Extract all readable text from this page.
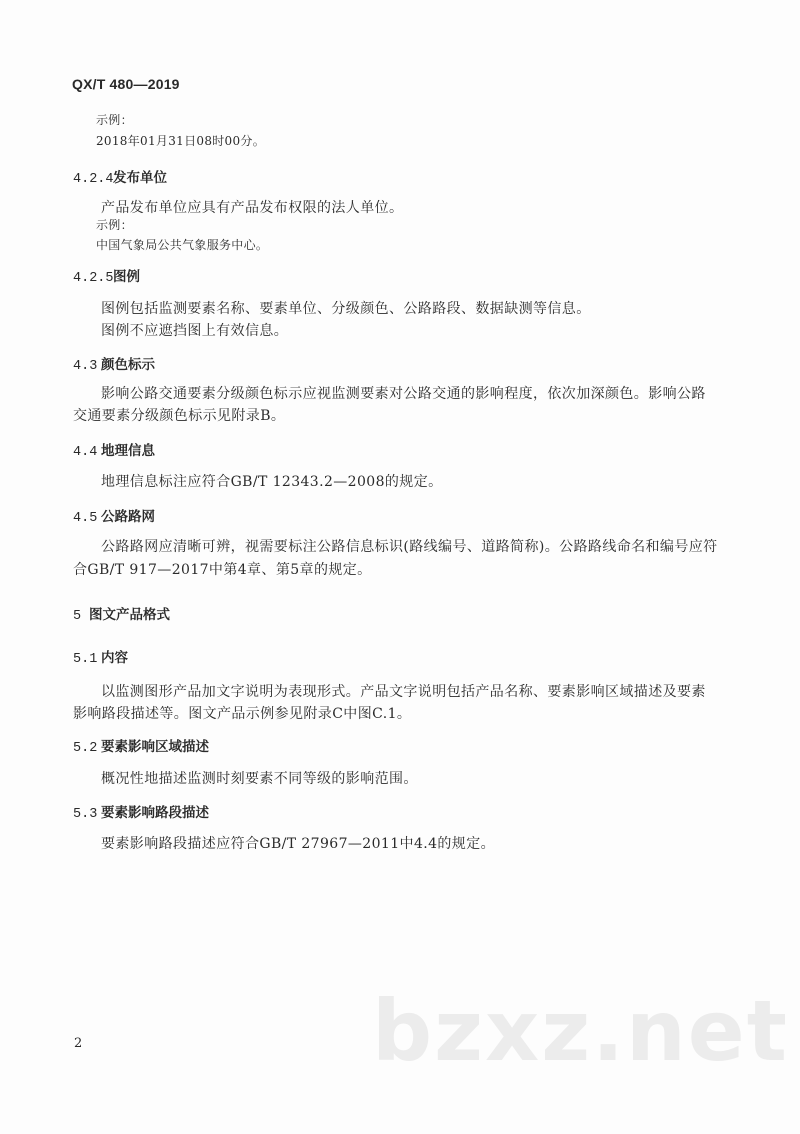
QX/T 480—2019
示例：
2018年01月31日08时00分。
4.2.4发布单位
产品发布单位应具有产品发布权限的法人单位。
示例：
中国气象局公共气象服务中心。
4.2.5图例
图例包括监测要素名称、要素单位、分级颜色、公路路段、数据缺测等信息。
图例不应遮挡图上有效信息。
4.3 颜色标示
影响公路交通要素分级颜色标示应视监测要素对公路交通的影响程度，依次加深颜色。影响公路
交通要素分级颜色标示见附录B。
4.4 地理信息
地理信息标注应符合GB/T 12343.2—2008的规定。
4.5 公路路网
公路路网应清晰可辨，视需要标注公路信息标识(路线编号、道路简称)。公路路线命名和编号应符
合GB/T 917—2017中第4章、第5章的规定。
5 图文产品格式
5.1 内容
以监测图形产品加文字说明为表现形式。产品文字说明包括产品名称、要素影响区域描述及要素
影响路段描述等。图文产品示例参见附录C中图C.1。
5.2 要素影响区域描述
概况性地描述监测时刻要素不同等级的影响范围。
5.3 要素影响路段描述
要素影响路段描述应符合GB/T 27967—2011中4.4的规定。
bzxz.net
2
